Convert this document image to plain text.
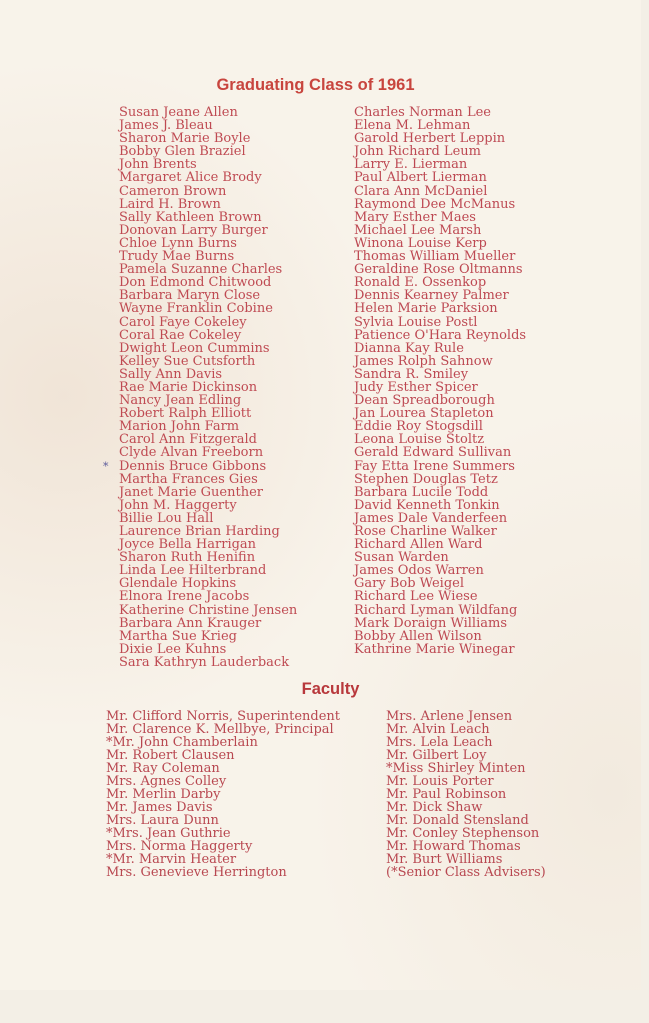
Graduating Class of 1961
Susan Jeane Allen
James J. Bleau
Sharon Marie Boyle
Bobby Glen Braziel
John Brents
Margaret Alice Brody
Cameron Brown
Laird H. Brown
Sally Kathleen Brown
Donovan Larry Burger
Chloe Lynn Burns
Trudy Mae Burns
Pamela Suzanne Charles
Don Edmond Chitwood
Barbara Maryn Close
Wayne Franklin Cobine
Carol Faye Cokeley
Coral Rae Cokeley
Dwight Leon Cummins
Kelley Sue Cutsforth
Sally Ann Davis
Rae Marie Dickinson
Nancy Jean Edling
Robert Ralph Elliott
Marion John Farm
Carol Ann Fitzgerald
Clyde Alvan Freeborn
* Dennis Bruce Gibbons
Martha Frances Gies
Janet Marie Guenther
John M. Haggerty
Billie Lou Hall
Laurence Brian Harding
Joyce Bella Harrigan
Sharon Ruth Henifin
Linda Lee Hilterbrand
Glendale Hopkins
Elnora Irene Jacobs
Katherine Christine Jensen
Barbara Ann Krauger
Martha Sue Krieg
Dixie Lee Kuhns
Sara Kathryn Lauderback
Charles Norman Lee
Elena M. Lehman
Garold Herbert Leppin
John Richard Leum
Larry E. Lierman
Paul Albert Lierman
Clara Ann McDaniel
Raymond Dee McManus
Mary Esther Maes
Michael Lee Marsh
Winona Louise Kerp
Thomas William Mueller
Geraldine Rose Oltmanns
Ronald E. Ossenkop
Dennis Kearney Palmer
Helen Marie Parksion
Sylvia Louise Postl
Patience O'Hara Reynolds
Dianna Kay Rule
James Rolph Sahnow
Sandra R. Smiley
Judy Esther Spicer
Dean Spreadborough
Jan Lourea Stapleton
Eddie Roy Stogsdill
Leona Louise Stoltz
Gerald Edward Sullivan
Fay Etta Irene Summers
Stephen Douglas Tetz
Barbara Lucile Todd
David Kenneth Tonkin
James Dale Vanderfeen
Rose Charline Walker
Richard Allen Ward
Susan Warden
James Odos Warren
Gary Bob Weigel
Richard Lee Wiese
Richard Lyman Wildfang
Mark Doraign Williams
Bobby Allen Wilson
Kathrine Marie Winegar
Faculty
Mr. Clifford Norris, Superintendent
Mr. Clarence K. Mellbye, Principal
*Mr. John Chamberlain
Mr. Robert Clausen
Mr. Ray Coleman
Mrs. Agnes Colley
Mr. Merlin Darby
Mr. James Davis
Mrs. Laura Dunn
*Mrs. Jean Guthrie
Mrs. Norma Haggerty
*Mr. Marvin Heater
Mrs. Genevieve Herrington
Mrs. Arlene Jensen
Mr. Alvin Leach
Mrs. Lela Leach
Mr. Gilbert Loy
*Miss Shirley Minten
Mr. Louis Porter
Mr. Paul Robinson
Mr. Dick Shaw
Mr. Donald Stensland
Mr. Conley Stephenson
Mr. Howard Thomas
Mr. Burt Williams
(*Senior Class Advisers)
